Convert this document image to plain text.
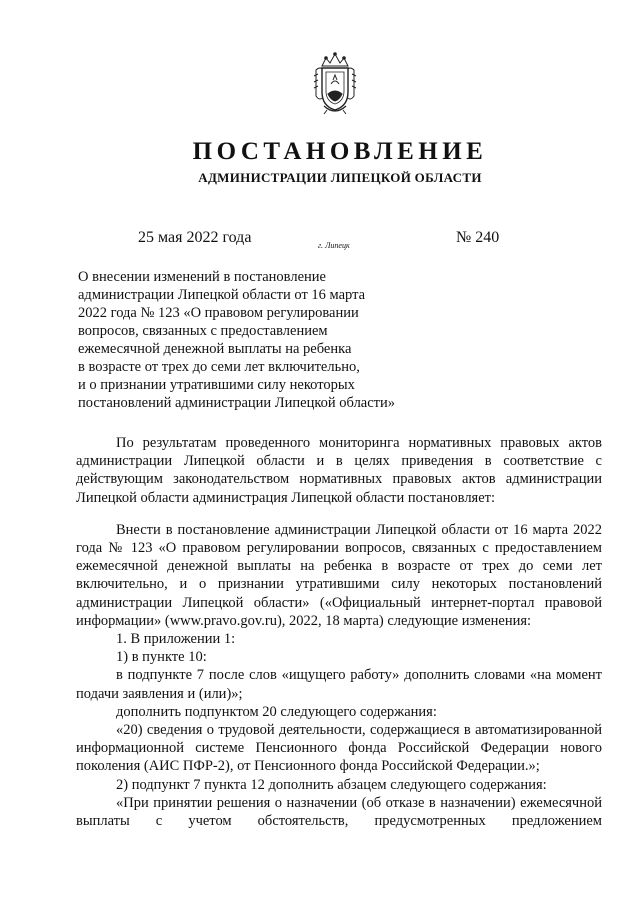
ПОСТАНОВЛЕНИЕ
АДМИНИСТРАЦИИ ЛИПЕЦКОЙ ОБЛАСТИ
25 мая 2022 года	г. Липецк	№ 240
О внесении изменений в постановление
администрации Липецкой области от 16 марта
2022 года № 123 «О правовом регулировании
вопросов, связанных с предоставлением
ежемесячной денежной выплаты на ребенка
в возрасте от трех до семи лет включительно,
и о признании утратившими силу некоторых
постановлений администрации Липецкой области»

По результатам проведенного мониторинга нормативных правовых актов администрации Липецкой области и в целях приведения в соответствие с действующим законодательством нормативных правовых актов администрации Липецкой области администрация Липецкой области постановляет:

Внести в постановление администрации Липецкой области от 16 марта 2022 года № 123 «О правовом регулировании вопросов, связанных с предоставлением ежемесячной денежной выплаты на ребенка в возрасте от трех до семи лет включительно, и о признании утратившими силу некоторых постановлений администрации Липецкой области» («Официальный интернет-портал правовой информации» (www.pravo.gov.ru), 2022, 18 марта) следующие изменения:

1. В приложении 1:

1) в пункте 10:

в подпункте 7 после слов «ищущего работу» дополнить словами «на момент подачи заявления и (или)»;

дополнить подпунктом 20 следующего содержания:

«20) сведения о трудовой деятельности, содержащиеся в автоматизированной информационной системе Пенсионного фонда Российской Федерации нового поколения (АИС ПФР-2), от Пенсионного фонда Российской Федерации.»;

2) подпункт 7 пункта 12 дополнить абзацем следующего содержания:

«При принятии решения о назначении (об отказе в назначении) ежемесячной выплаты с учетом обстоятельств, предусмотренных предложением
